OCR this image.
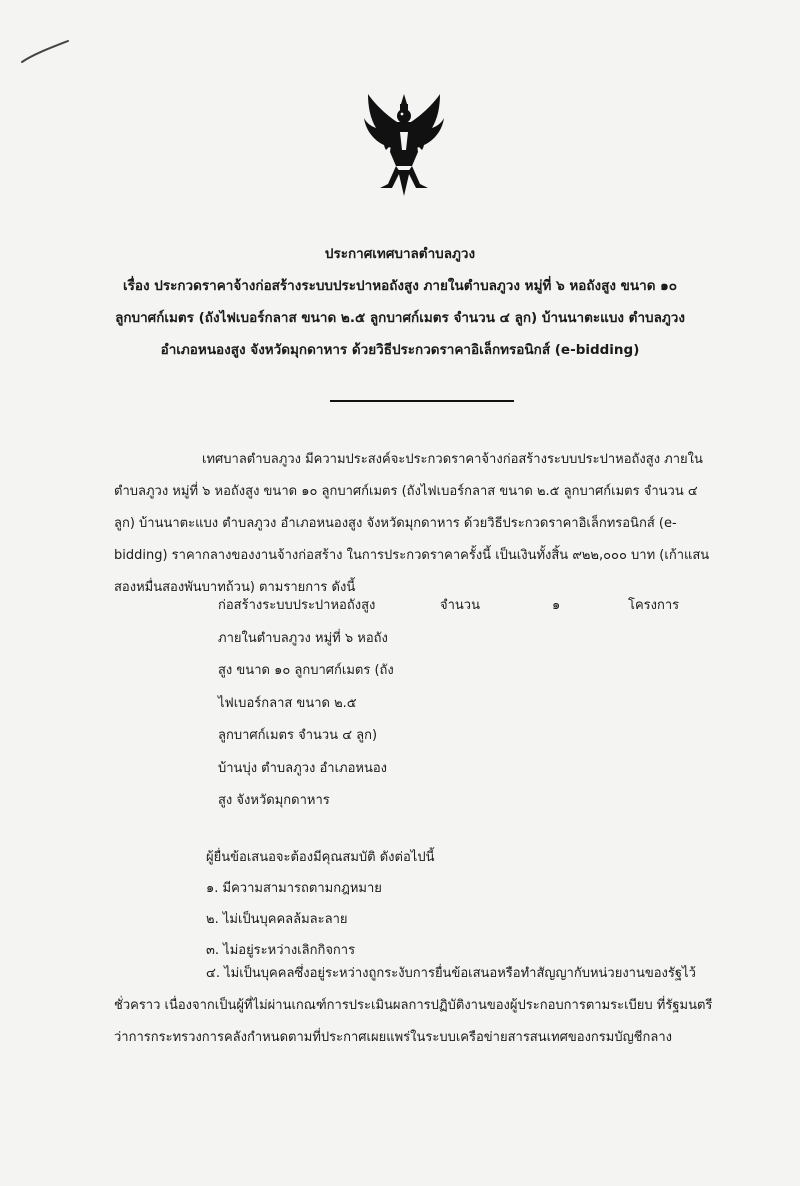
ประกาศเทศบาลตำบลภูวง
เรื่อง ประกวดราคาจ้างก่อสร้างระบบประปาหอถังสูง ภายในตำบลภูวง หมู่ที่ ๖ หอถังสูง ขนาด ๑๐
ลูกบาศก์เมตร (ถังไฟเบอร์กลาส ขนาด ๒.๕ ลูกบาศก์เมตร จำนวน ๔ ลูก) บ้านนาตะแบง ตำบลภูวง
อำเภอหนองสูง จังหวัดมุกดาหาร ด้วยวิธีประกวดราคาอิเล็กทรอนิกส์ (e-bidding)
เทศบาลตำบลภูวง มีความประสงค์จะประกวดราคาจ้างก่อสร้างระบบประปาหอถังสูง ภายในตำบลภูวง หมู่ที่ ๖ หอถังสูง ขนาด ๑๐ ลูกบาศก์เมตร (ถังไฟเบอร์กลาส ขนาด ๒.๕ ลูกบาศก์เมตร จำนวน ๔ ลูก) บ้านนาตะแบง ตำบลภูวง อำเภอหนองสูง จังหวัดมุกดาหาร ด้วยวิธีประกวดราคาอิเล็กทรอนิกส์ (e-bidding) ราคากลางของงานจ้างก่อสร้าง ในการประกวดราคาครั้งนี้ เป็นเงินทั้งสิ้น ๙๒๒,๐๐๐ บาท (เก้าแสนสองหมื่นสองพันบาทถ้วน) ตามรายการ ดังนี้
ก่อสร้างระบบประปาหอถังสูง
ภายในตำบลภูวง หมู่ที่ ๖ หอถัง
สูง ขนาด ๑๐ ลูกบาศก์เมตร (ถัง
ไฟเบอร์กลาส ขนาด ๒.๕
ลูกบาศก์เมตร จำนวน ๔ ลูก)
บ้านบุ่ง ตำบลภูวง อำเภอหนอง
สูง จังหวัดมุกดาหาร
จำนวน	๑	โครงการ
ผู้ยื่นข้อเสนอจะต้องมีคุณสมบัติ ดังต่อไปนี้
๑. มีความสามารถตามกฎหมาย
๒. ไม่เป็นบุคคลล้มละลาย
๓. ไม่อยู่ระหว่างเลิกกิจการ
๔. ไม่เป็นบุคคลซึ่งอยู่ระหว่างถูกระงับการยื่นข้อเสนอหรือทำสัญญากับหน่วยงานของรัฐไว้ชั่วคราว เนื่องจากเป็นผู้ที่ไม่ผ่านเกณฑ์การประเมินผลการปฏิบัติงานของผู้ประกอบการตามระเบียบ ที่รัฐมนตรีว่าการกระทรวงการคลังกำหนดตามที่ประกาศเผยแพร่ในระบบเครือข่ายสารสนเทศของกรมบัญชีกลาง
